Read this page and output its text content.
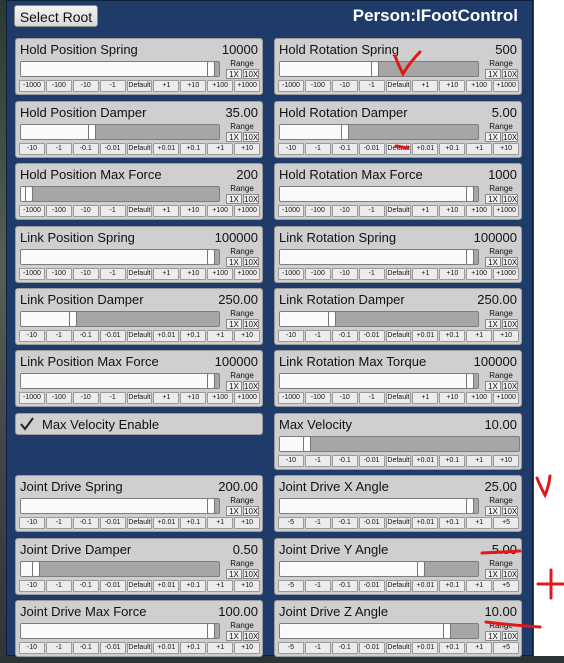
Select Root	Person:IFootControl
Hold Position Spring	10000
Range
1X 10X
-1000	-100	-10	-1	Default	+1	+10	+100	+1000
Hold Position Damper	35.00
Range
1X 10X
-10	-1	-0.1	-0.01	Default +0.01	+0.1	+1	+10
Hold Position Max Force	200
Range
1X 10X
-1000	-100	-10	-1	Default	+1	+10	+100	+1000
Link Position Spring	100000
Range
1X 10X
-1000	-100	-10	-1	Default	+1	+10	+100	+1000
Link Position Damper	250.00
Range
1X 10X
-10	-1	-0.1	-0.01	Default +0.01	+0.1	+1	+10
Link Position Max Force	100000
Range
1X 10X
-1000	-100	-10	-1	Default	+1	+10	+100	+1000
Hold Rotation Spring	500
Range
1X 10X
-1000	-100	-10	-1	Default	+1	+10	+100	+1000
Hold Rotation Damper	5.00
Range
1X 10X
-10	-1	-0.1	-0.01	Default +0.01	+0.1	+1	+10
Hold Rotation Max Force	1000
Range
1X 10X
-1000	-100	-10	-1	Default	+1	+10	+100	+1000
Link Rotation Spring	100000
Range
1X 10X
-1000	-100	-10	-1	Default	+1	+10	+100	+1000
Link Rotation Damper	250.00
Range
1X 10X
-10	-1	-0.1	-0.01	Default +0.01	+0.1	+1	+10
Link Rotation Max Torque	100000
Range
1X 10X
-1000	-100	-10	-1	Default	+1	+10	+100	+1000
Max Velocity	10.00
-10	-1	-0.1	-0.01	Default +0.01	+0.1	+1	+10
Joint Drive Spring	200.00
Range
1X 10X
-10	-1	-0.1	-0.01	Default +0.01	+0.1	+1	+10
Joint Drive Damper	0.50
Range
1X 10X
-10	-1	-0.1	-0.01	Default +0.01	+0.1	+1	+10
Joint Drive Max Force	100.00
Range
1X 10X
-10	-1	-0.1	-0.01	Default +0.01	+0.1	+1	+10
Joint Drive X Angle	25.00
Range
1X 10X
-5	-1	-0.1	-0.01	Default +0.01	+0.1	+1	+5
Joint Drive Y Angle	5.00
Range
1X 10X
-5	-1	-0.1	-0.01	Default +0.01	+0.1	+1	+5
Joint Drive Z Angle	10.00
Range
1X 10X
-5	-1	-0.1	-0.01	Default +0.01	+0.1	+1	+5
Max Velocity Enable
